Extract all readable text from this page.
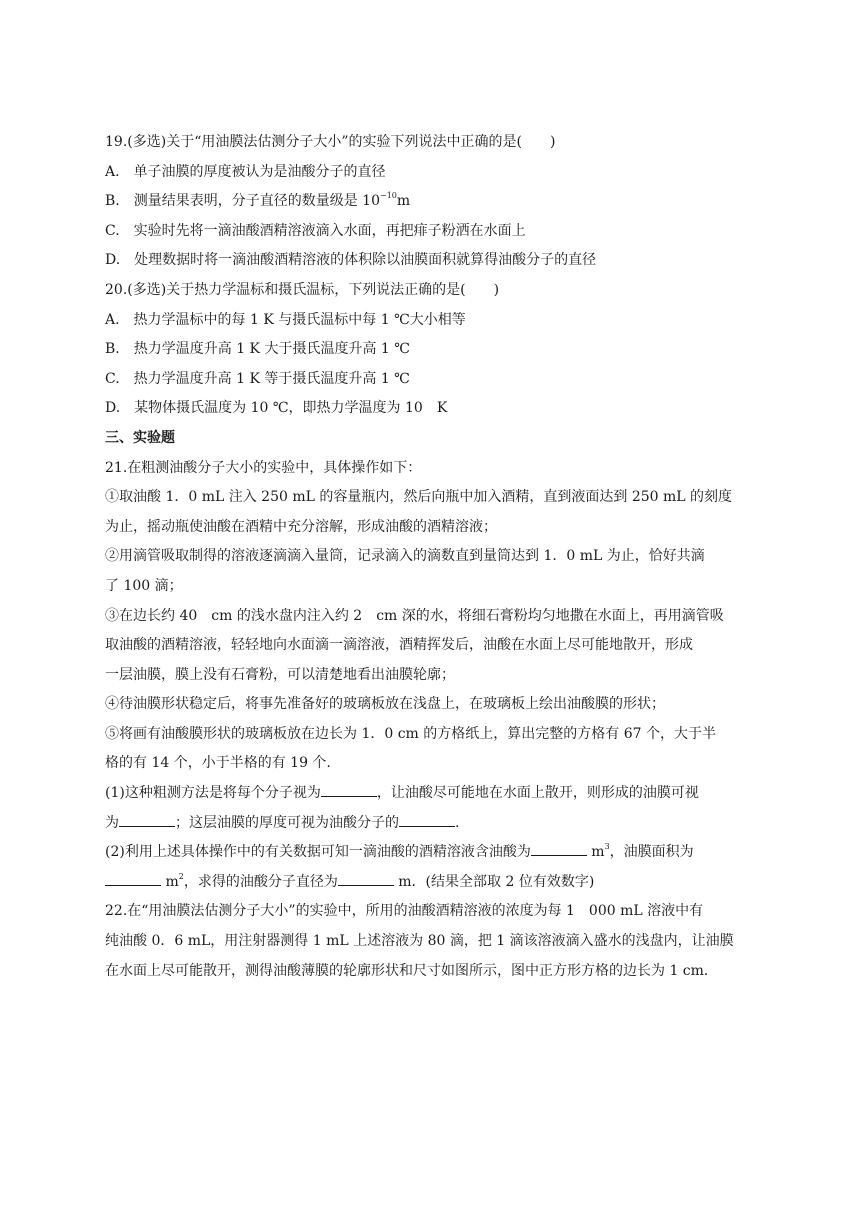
19.(多选)关于“用油膜法估测分子大小”的实验下列说法中正确的是(　　)
A.　单子油膜的厚度被认为是油酸分子的直径
B.　测量结果表明，分子直径的数量级是 $10^{-10}m$
C.　实验时先将一滴油酸酒精溶液滴入水面，再把痱子粉洒在水面上
D.　处理数据时将一滴油酸酒精溶液的体积除以油膜面积就算得油酸分子的直径
20.(多选)关于热力学温标和摄氏温标，下列说法正确的是(　　)
A.　热力学温标中的每 1 K 与摄氏温标中每 1 ℃大小相等
B.　热力学温度升高 1 K 大于摄氏温度升高 1 ℃
C.　热力学温度升高 1 K 等于摄氏温度升高 1 ℃
D.　某物体摄氏温度为 10 ℃，即热力学温度为 10　K
三、实验题
21.在粗测油酸分子大小的实验中，具体操作如下：
①取油酸 1．0 mL 注入 250 mL 的容量瓶内，然后向瓶中加入酒精，直到液面达到 250 mL 的刻度
为止，摇动瓶使油酸在酒精中充分溶解，形成油酸的酒精溶液；
②用滴管吸取制得的溶液逐滴滴入量筒，记录滴入的滴数直到量筒达到 1．0 mL 为止，恰好共滴
了 100 滴；
③在边长约 40　cm 的浅水盘内注入约 2　cm 深的水，将细石膏粉均匀地撒在水面上，再用滴管吸
取油酸的酒精溶液，轻轻地向水面滴一滴溶液，酒精挥发后，油酸在水面上尽可能地散开，形成
一层油膜，膜上没有石膏粉，可以清楚地看出油膜轮廓；
④待油膜形状稳定后，将事先准备好的玻璃板放在浅盘上，在玻璃板上绘出油酸膜的形状；
⑤将画有油酸膜形状的玻璃板放在边长为 1．0 cm 的方格纸上，算出完整的方格有 67 个，大于半
格的有 14 个，小于半格的有 19 个.
(1)这种粗测方法是将每个分子视为	，让油酸尽可能地在水面上散开，则形成的油膜可视
为	；这层油膜的厚度可视为油酸分子的	.
(2)利用上述具体操作中的有关数据可知一滴油酸的酒精溶液含油酸为	$m^3$，油膜面积为
$m^2$，求得的油酸分子直径为	m．(结果全部取 2 位有效数字)
22.在“用油膜法估测分子大小”的实验中，所用的油酸酒精溶液的浓度为每 1　000 mL 溶液中有
纯油酸 0．6 mL，用注射器测得 1 mL 上述溶液为 80 滴，把 1 滴该溶液滴入盛水的浅盘内，让油膜
在水面上尽可能散开，测得油酸薄膜的轮廓形状和尺寸如图所示，图中正方形方格的边长为 1 cm．
